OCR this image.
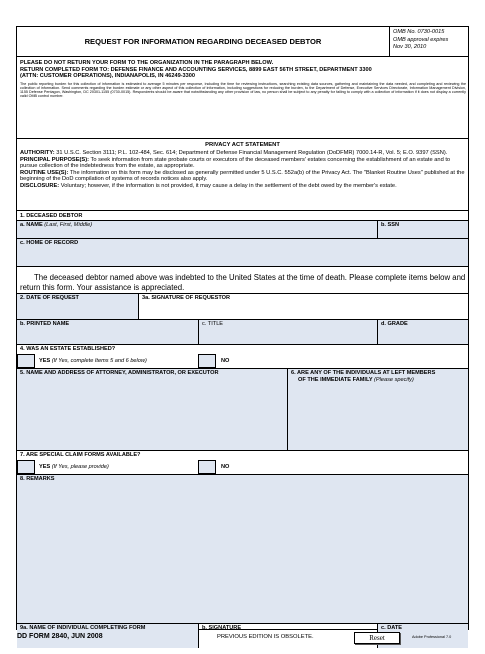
REQUEST FOR INFORMATION REGARDING DECEASED DEBTOR
OMB No. 0730-0015
OMB approval expires
Nov 30, 2010
PLEASE DO NOT RETURN YOUR FORM TO THE ORGANIZATION IN THE PARAGRAPH BELOW.
RETURN COMPLETED FORM TO: DEFENSE FINANCE AND ACCOUNTING SERVICES, 8899 EAST 56TH STREET, DEPARTMENT 3300
(ATTN: CUSTOMER OPERATIONS), INDIANAPOLIS, IN 46249-3300
The public reporting burden for this collection of information is estimated to average 5 minutes per response, including the time for reviewing instructions, searching existing data sources, gathering and maintaining the data needed, and completing and reviewing the collection of information. Send comments regarding the burden estimate or any other aspect of this collection of information, including suggestions for reducing the burden, to the Department of Defense, Executive Services Directorate, Information Management Division, 1155 Defense Pentagon, Washington, DC 20301-1155 (0730-0015). Respondents should be aware that notwithstanding any other provision of law, no person shall be subject to any penalty for failing to comply with a collection of information if it does not display a currently valid OMB control number.
PRIVACY ACT STATEMENT

AUTHORITY: 31 U.S.C. Section 3111; P.L. 102-484, Sec. 614; Department of Defense Financial Management Regulation (DoDFMR) 7000.14-R, Vol. 5; E.O. 9397 (SSN).

PRINCIPAL PURPOSE(S): To seek information from state probate courts or executors of the deceased members' estates concerning the establishment of an estate and to pursue collection of the indebtedness from the estate, as appropriate.

ROUTINE USE(S): The information on this form may be disclosed as generally permitted under 5 U.S.C. 552a(b) of the Privacy Act. The "Blanket Routine Uses" published at the beginning of the DoD compilation of systems of records notices also apply.

DISCLOSURE: Voluntary; however, if the information is not provided, it may cause a delay in the settlement of the debt owed by the member's estate.

1. DECEASED DEBTOR
a. NAME (Last, First, Middle)	b. SSN
c. HOME OF RECORD
The deceased debtor named above was indebted to the United States at the time of death. Please complete items below and return this form. Your assistance is appreciated.
2. DATE OF REQUEST	3a. SIGNATURE OF REQUESTOR
b. PRINTED NAME	c. TITLE	d. GRADE
4. WAS AN ESTATE ESTABLISHED?
YES (If Yes, complete Items 5 and 6 below)	NO
5. NAME AND ADDRESS OF ATTORNEY, ADMINISTRATOR, OR EXECUTOR	6. ARE ANY OF THE INDIVIDUALS AT LEFT MEMBERS
OF THE IMMEDIATE FAMILY (Please specify)
7. ARE SPECIAL CLAIM FORMS AVAILABLE?
YES (If Yes, please provide)	NO
8. REMARKS
9a. NAME OF INDIVIDUAL COMPLETING FORM	b. SIGNATURE	c. DATE
DD FORM 2840, JUN 2008	PREVIOUS EDITION IS OBSOLETE.	Reset	Adobe Professional 7.0
